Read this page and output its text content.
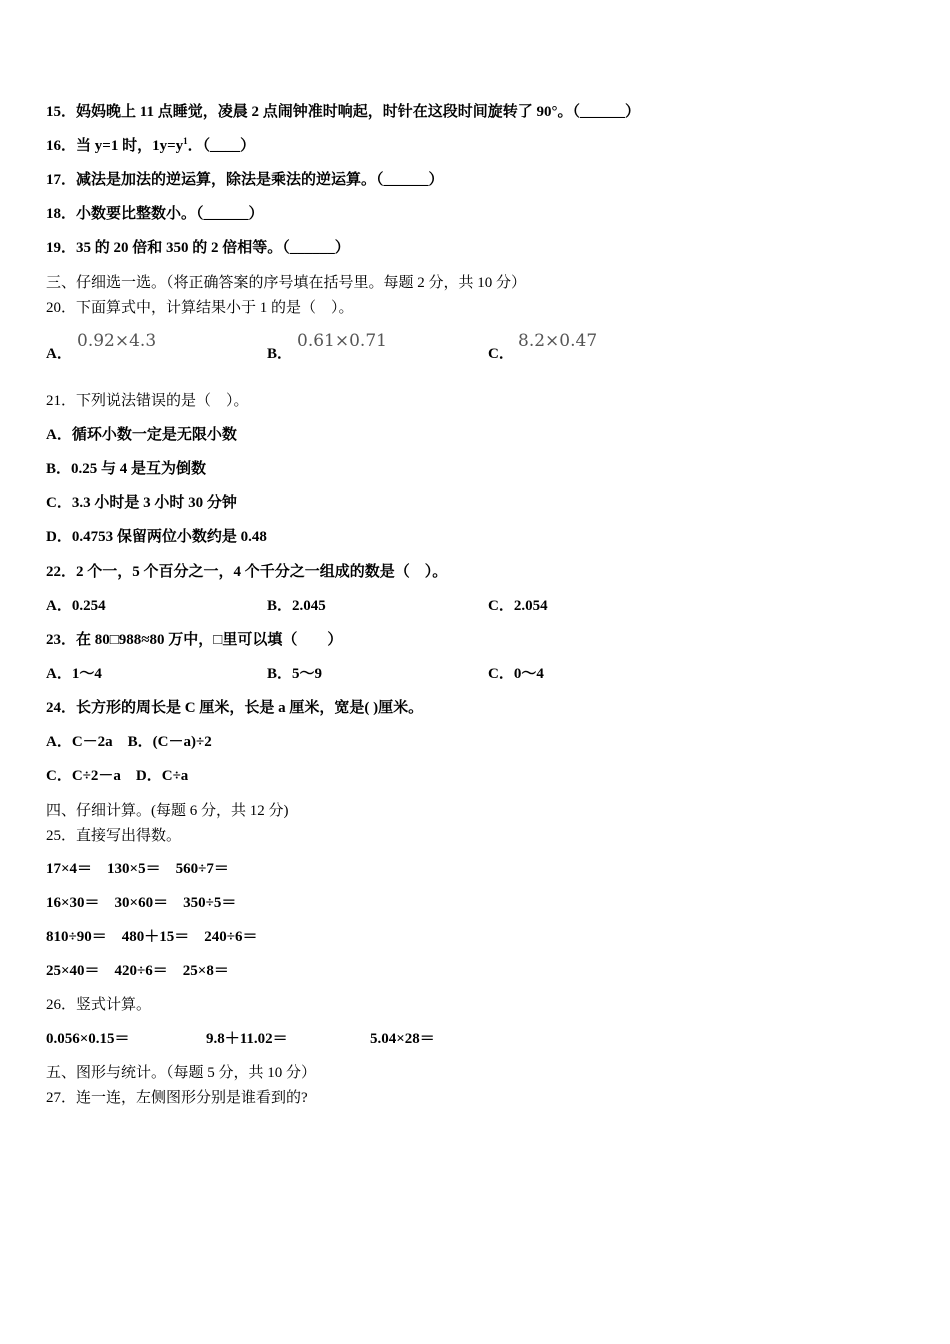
15．妈妈晚上 11 点睡觉，凌晨 2 点闹钟准时响起，时针在这段时间旋转了 90°。（______）
16．当 y=1 时，$1y=y^1$．（____）
17．减法是加法的逆运算，除法是乘法的逆运算。（______）
18．小数要比整数小。（______）
19．35 的 20 倍和 350 的 2 倍相等。（______）
三、仔细选一选。（将正确答案的序号填在括号里。每题 2 分，共 10 分）
20．下面算式中，计算结果小于 1 的是（　）。
A．
0.92×4.3
B．
0.61×0.71
C．
8.2×0.47
21．下列说法错误的是（　）。
A．循环小数一定是无限小数
B．0.25 与 4 是互为倒数
C．3.3 小时是 3 小时 30 分钟
D．0.4753 保留两位小数约是 0.48
22．2 个一，5 个百分之一，4 个千分之一组成的数是（　）。
A．0.254	B．2.045	C．2.054
23．在 80□988≈80 万中，□里可以填（　　）
A．1～4	B．5～9	C．0～4
24．长方形的周长是 C 厘米，长是 a 厘米，宽是( )厘米。
A．C－2a　B．(C－a)÷2
C．C÷2－a　D．C÷a
四、仔细计算。(每题 6 分，共 12 分)
25．直接写出得数。
17×4＝　130×5＝　560÷7＝
16×30＝　30×60＝　350÷5＝
810÷90＝　480＋15＝　240÷6＝
25×40＝　420÷6＝　25×8＝
26．竖式计算。
0.056×0.15＝	9.8＋11.02＝	5.04×28＝
五、图形与统计。（每题 5 分，共 10 分）
27．连一连，左侧图形分别是谁看到的?
